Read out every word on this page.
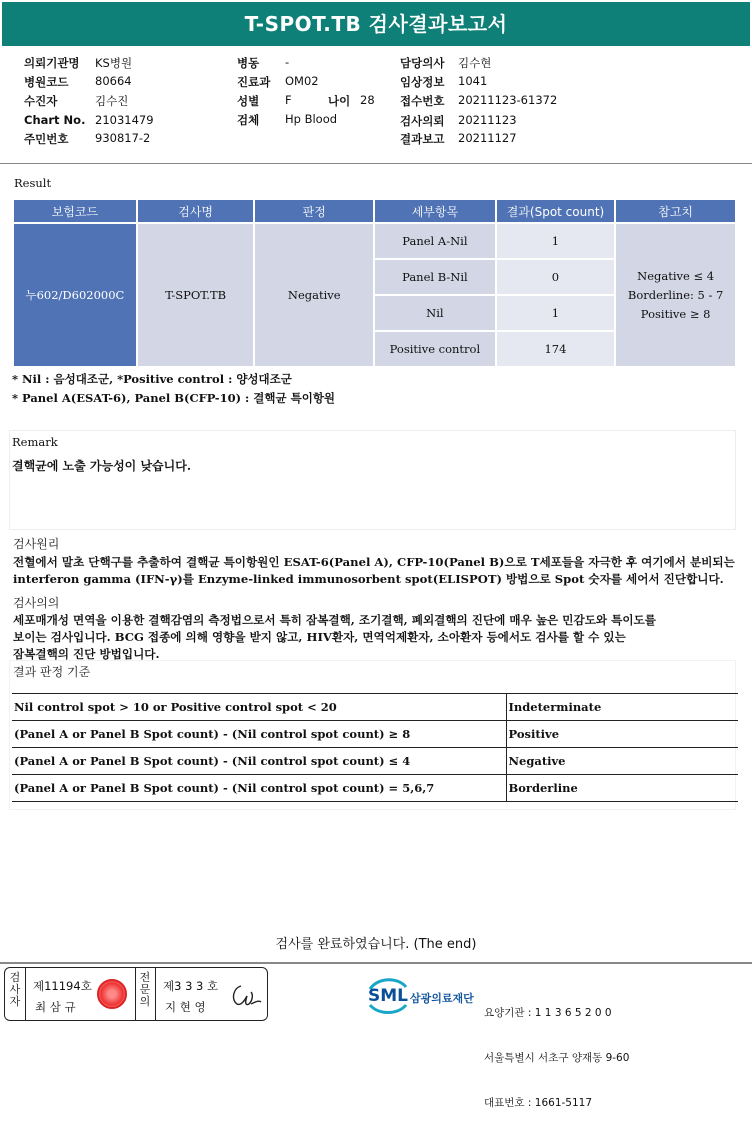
T-SPOT.TB 검사결과보고서
의뢰기관명 KS병원
병원코드 80664
수진자	김수진
Chart No. 21031479
주민번호 930817-2
병동 -
진료과 OM02
성별 F	나이 28
검체 Hp Blood
담당의사 김수현
임상정보 1041
접수번호 20211123-61372
검사의뢰 20211123
결과보고 20211127
Result
보험코드	검사명	판정	세부항목	결과(Spot count)	참고치
누602/D602000C	T-SPOT.TB	Negative	Panel A-Nil	1	Negative ≤ 4
Borderline: 5 - 7
Positive ≥ 8

			Panel B-Nil	0	
			Nil	1	
			Positive control	174	
* Nil : 음성대조군, *Positive control : 양성대조군
* Panel A(ESAT-6), Panel B(CFP-10) : 결핵균 특이항원
Remark
결핵균에 노출 가능성이 낮습니다.
검사원리
전혈에서 말초 단핵구를 추출하여 결핵균 특이항원인 ESAT-6(Panel A), CFP-10(Panel B)으로 T세포들을 자극한 후 여기에서 분비되는
interferon gamma (IFN-γ)를 Enzyme-linked immunosorbent spot(ELISPOT) 방법으로 Spot 숫자를 세어서 진단합니다.
검사의의
세포매개성 면역을 이용한 결핵감염의 측정법으로서 특히 잠복결핵, 조기결핵, 폐외결핵의 진단에 매우 높은 민감도와 특이도를
보이는 검사입니다. BCG 접종에 의해 영향을 받지 않고, HIV환자, 면역억제환자, 소아환자 등에서도 검사를 할 수 있는
잠복결핵의 진단 방법입니다.
결과 판정 기준
Nil control spot > 10 or Positive control spot < 20	Indeterminate
(Panel A or Panel B Spot count) - (Nil control spot count) ≥ 8	Positive
(Panel A or Panel B Spot count) - (Nil control spot count) ≤ 4	Negative
(Panel A or Panel B Spot count) - (Nil control spot count) = 5,6,7	Borderline
검사를 완료하였습니다. (The end)
검사자
제11194호
최 삼 규
전문의
제3 3 3 호
지 현 영
SML 삼광의료재단

요양기관 : 1 1 3 6 5 2 0 0

서울특별시 서초구 양재동 9-60

대표번호 : 1661-5117
